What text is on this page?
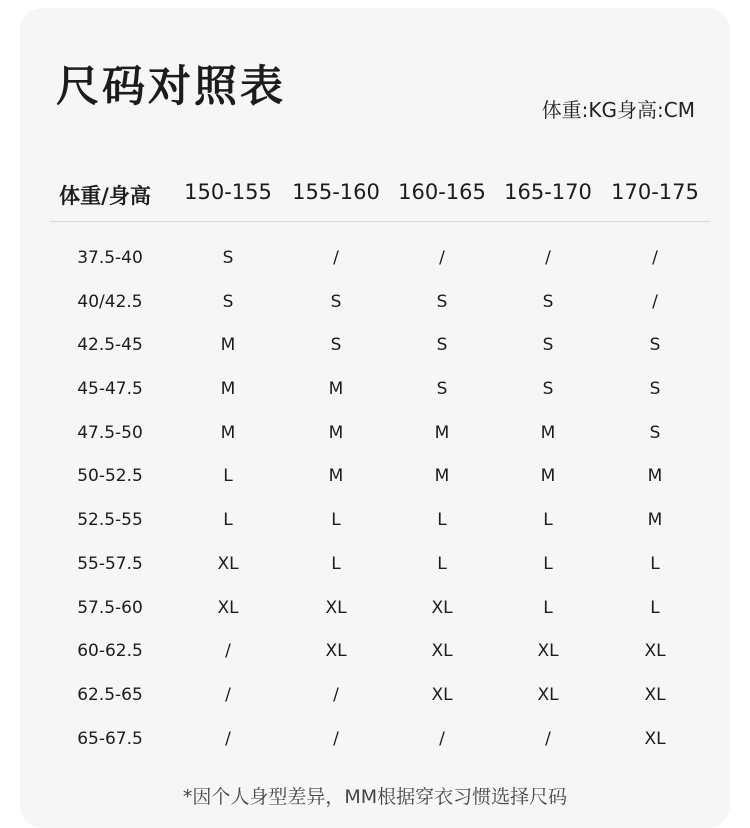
尺码对照表	体重:KG身高:CM
体重/身高 150-155 155-160 160-165 165-170 170-175
37.5-40	S	/	/	/	/
40/42.5	S	S	S	S	/
42.5-45	M	S	S	S	S
45-47.5	M	M	S	S	S
47.5-50	M	M	M	M	S
50-52.5	L	M	M	M	M
52.5-55	L	L	L	L	M
55-57.5	XL	L	L	L	L
57.5-60	XL	XL	XL	L	L
60-62.5	/	XL	XL	XL	XL
62.5-65	/	/	XL	XL	XL
65-67.5	/	/	/	/	XL
*因个人身型差异，MM根据穿衣习惯选择尺码
